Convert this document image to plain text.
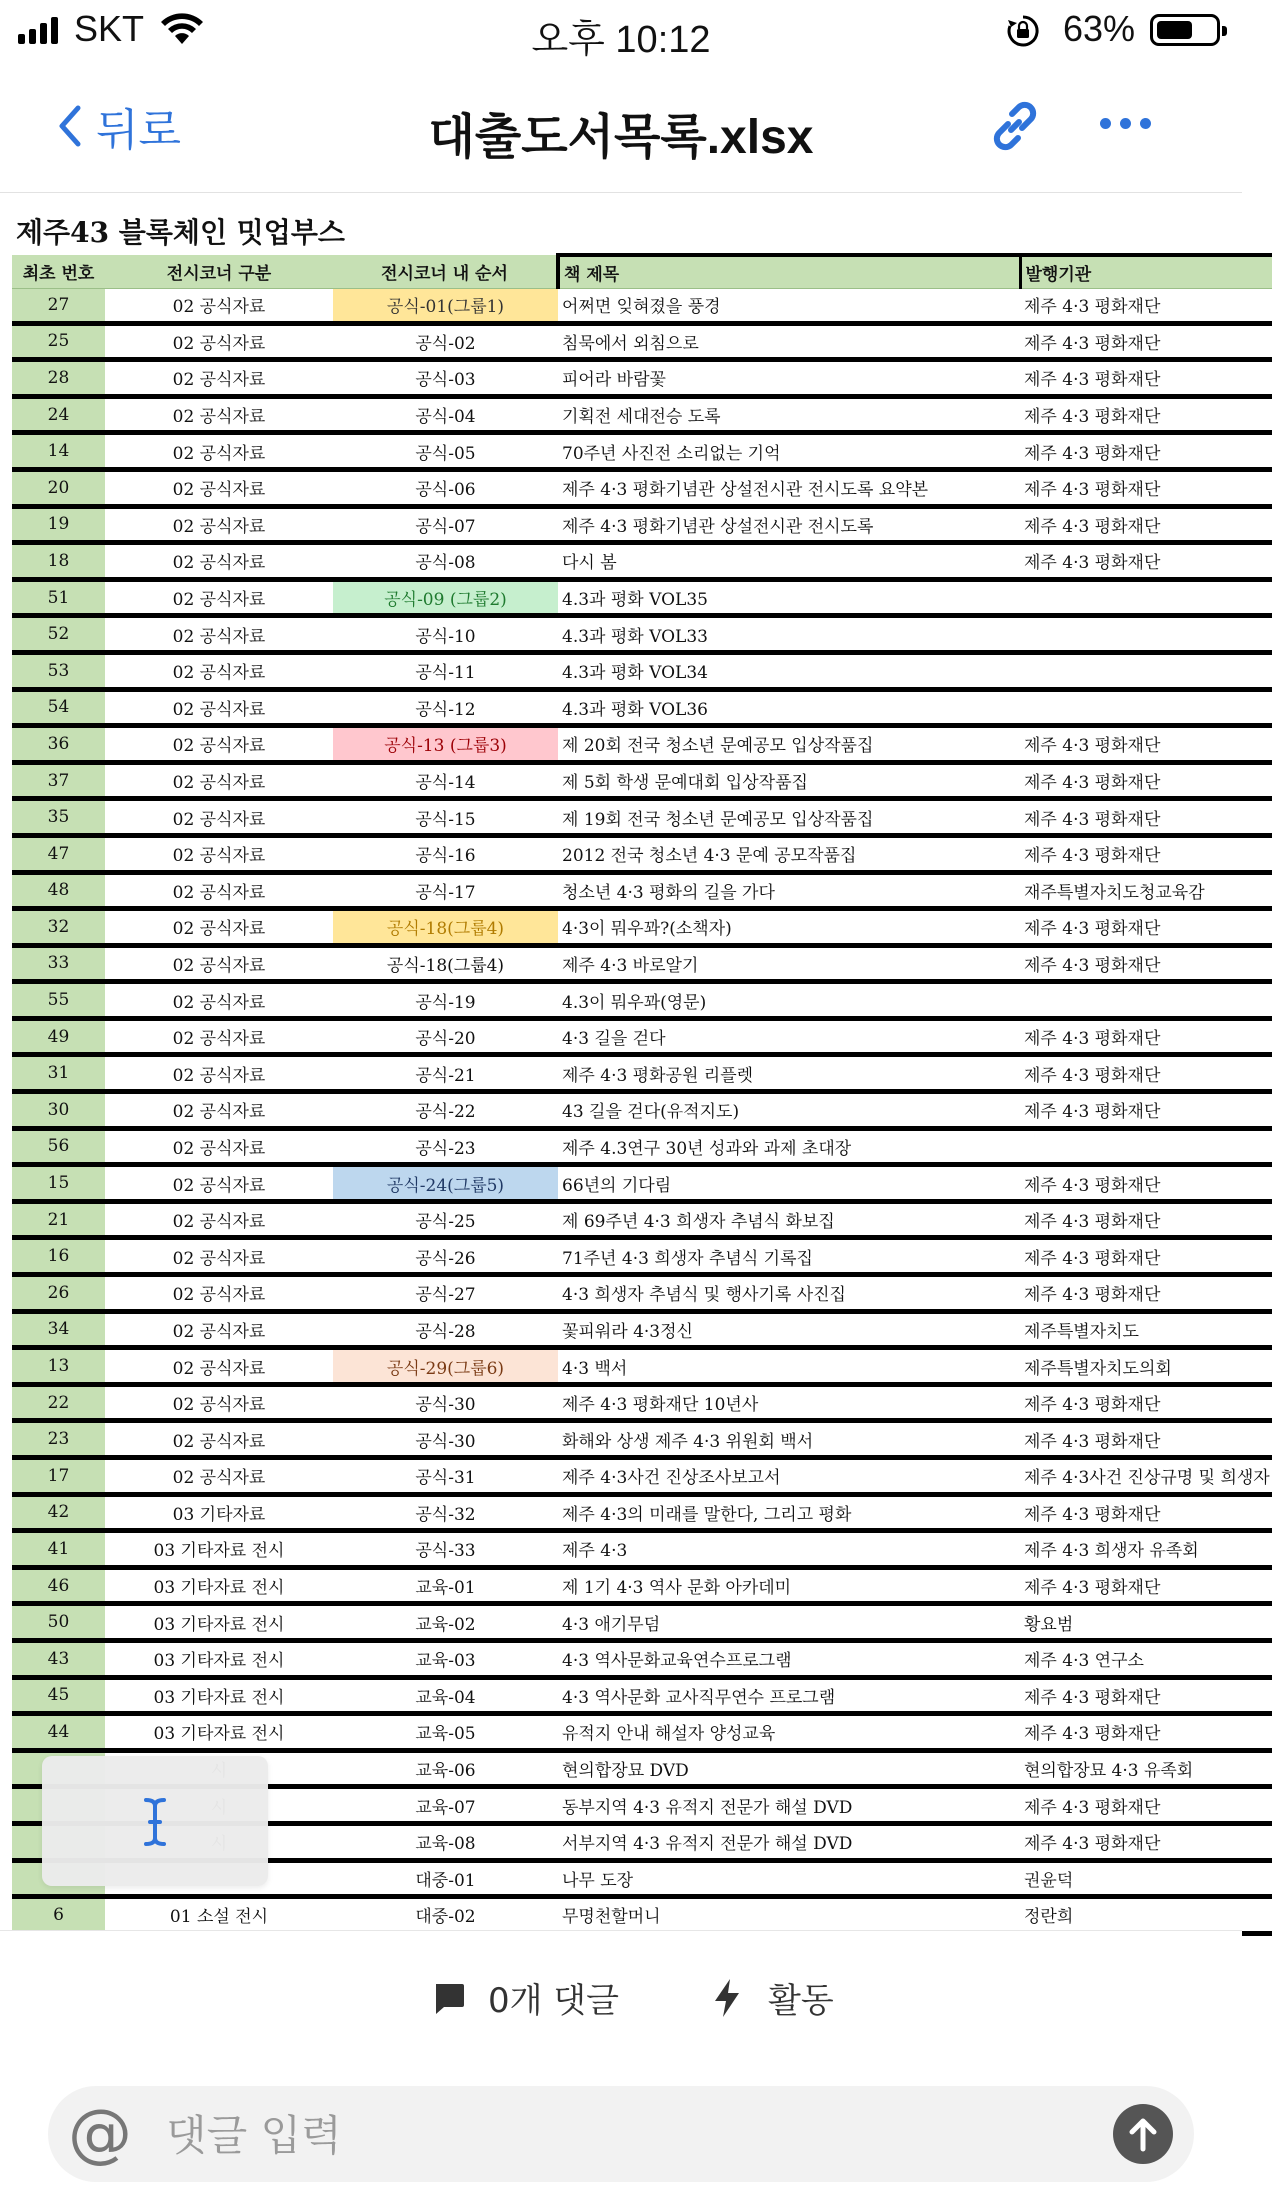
SKT	오후 10:12	63%
뒤로	대출도서목록.xlsx
제주43 블록체인 밋업부스
최초 번호	전시코너 구분	전시코너 내 순서	책 제목	발행기관
27	02 공식자료	공식-01(그룹1)	어쩌면 잊혀졌을 풍경	제주 4·3 평화재단
25	02 공식자료	공식-02	침묵에서 외침으로	제주 4·3 평화재단
28	02 공식자료	공식-03	피어라 바람꽃	제주 4·3 평화재단
24	02 공식자료	공식-04	기획전 세대전승 도록	제주 4·3 평화재단
14	02 공식자료	공식-05	70주년 사진전 소리없는 기억	제주 4·3 평화재단
20	02 공식자료	공식-06	제주 4·3 평화기념관 상설전시관 전시도록 요약본	제주 4·3 평화재단
19	02 공식자료	공식-07	제주 4·3 평화기념관 상설전시관 전시도록	제주 4·3 평화재단
18	02 공식자료	공식-08	다시 봄	제주 4·3 평화재단
51	02 공식자료	공식-09 (그룹2)	4.3과 평화 VOL35	
52	02 공식자료	공식-10	4.3과 평화 VOL33	
53	02 공식자료	공식-11	4.3과 평화 VOL34	
54	02 공식자료	공식-12	4.3과 평화 VOL36	
36	02 공식자료	공식-13 (그룹3)	제 20회 전국 청소년 문예공모 입상작품집	제주 4·3 평화재단
37	02 공식자료	공식-14	제 5회 학생 문예대회 입상작품집	제주 4·3 평화재단
35	02 공식자료	공식-15	제 19회 전국 청소년 문예공모 입상작품집	제주 4·3 평화재단
47	02 공식자료	공식-16	2012 전국 청소년 4·3 문예 공모작품집	제주 4·3 평화재단
48	02 공식자료	공식-17	청소년 4·3 평화의 길을 가다	재주특별자치도청교육감
32	02 공식자료	공식-18(그룹4)	4·3이 뭐우꽈?(소책자)	제주 4·3 평화재단
33	02 공식자료	공식-18(그룹4)	제주 4·3 바로알기	제주 4·3 평화재단
55	02 공식자료	공식-19	4.3이 뭐우꽈(영문)	
49	02 공식자료	공식-20	4·3 길을 걷다	제주 4·3 평화재단
31	02 공식자료	공식-21	제주 4·3 평화공원 리플렛	제주 4·3 평화재단
30	02 공식자료	공식-22	43 길을 걷다(유적지도)	제주 4·3 평화재단
56	02 공식자료	공식-23	제주 4.3연구 30년 성과와 과제 초대장	
15	02 공식자료	공식-24(그룹5)	66년의 기다림	제주 4·3 평화재단
21	02 공식자료	공식-25	제 69주년 4·3 희생자 추념식 화보집	제주 4·3 평화재단
16	02 공식자료	공식-26	71주년 4·3 희생자 추념식 기록집	제주 4·3 평화재단
26	02 공식자료	공식-27	4·3 희생자 추념식 및 행사기록 사진집	제주 4·3 평화재단
34	02 공식자료	공식-28	꽃피워라 4·3정신	제주특별자치도
13	02 공식자료	공식-29(그룹6)	4·3 백서	제주특별자치도의회
22	02 공식자료	공식-30	제주 4·3 평화재단 10년사	제주 4·3 평화재단
23	02 공식자료	공식-30	화해와 상생 제주 4·3 위원회 백서	제주 4·3 평화재단
17	02 공식자료	공식-31	제주 4·3사건 진상조사보고서	제주 4·3사건 진상규명 및 희생자
42	03 기타자료	공식-32	제주 4·3의 미래를 말한다, 그리고 평화	제주 4·3 평화재단
41	03 기타자료 전시	공식-33	제주 4·3	제주 4·3 희생자 유족회
46	03 기타자료 전시	교육-01	제 1기 4·3 역사 문화 아카데미	제주 4·3 평화재단
50	03 기타자료 전시	교육-02	4·3 애기무덤	황요범
43	03 기타자료 전시	교육-03	4·3 역사문화교육연수프로그램	제주 4·3 연구소
45	03 기타자료 전시	교육-04	4·3 역사문화 교사직무연수 프로그램	제주 4·3 평화재단
44	03 기타자료 전시	교육-05	유적지 안내 해설자 양성교육	제주 4·3 평화재단
		교육-06	현의합장묘 DVD	현의합장묘 4·3 유족회
		교육-07	동부지역 4·3 유적지 전문가 해설 DVD	제주 4·3 평화재단
		교육-08	서부지역 4·3 유적지 전문가 해설 DVD	제주 4·3 평화재단
		대중-01	나무 도장	권윤덕
6	01 소설 전시	대중-02	무명천할머니	정란희
0개 댓글	활동
@
댓글 입력
